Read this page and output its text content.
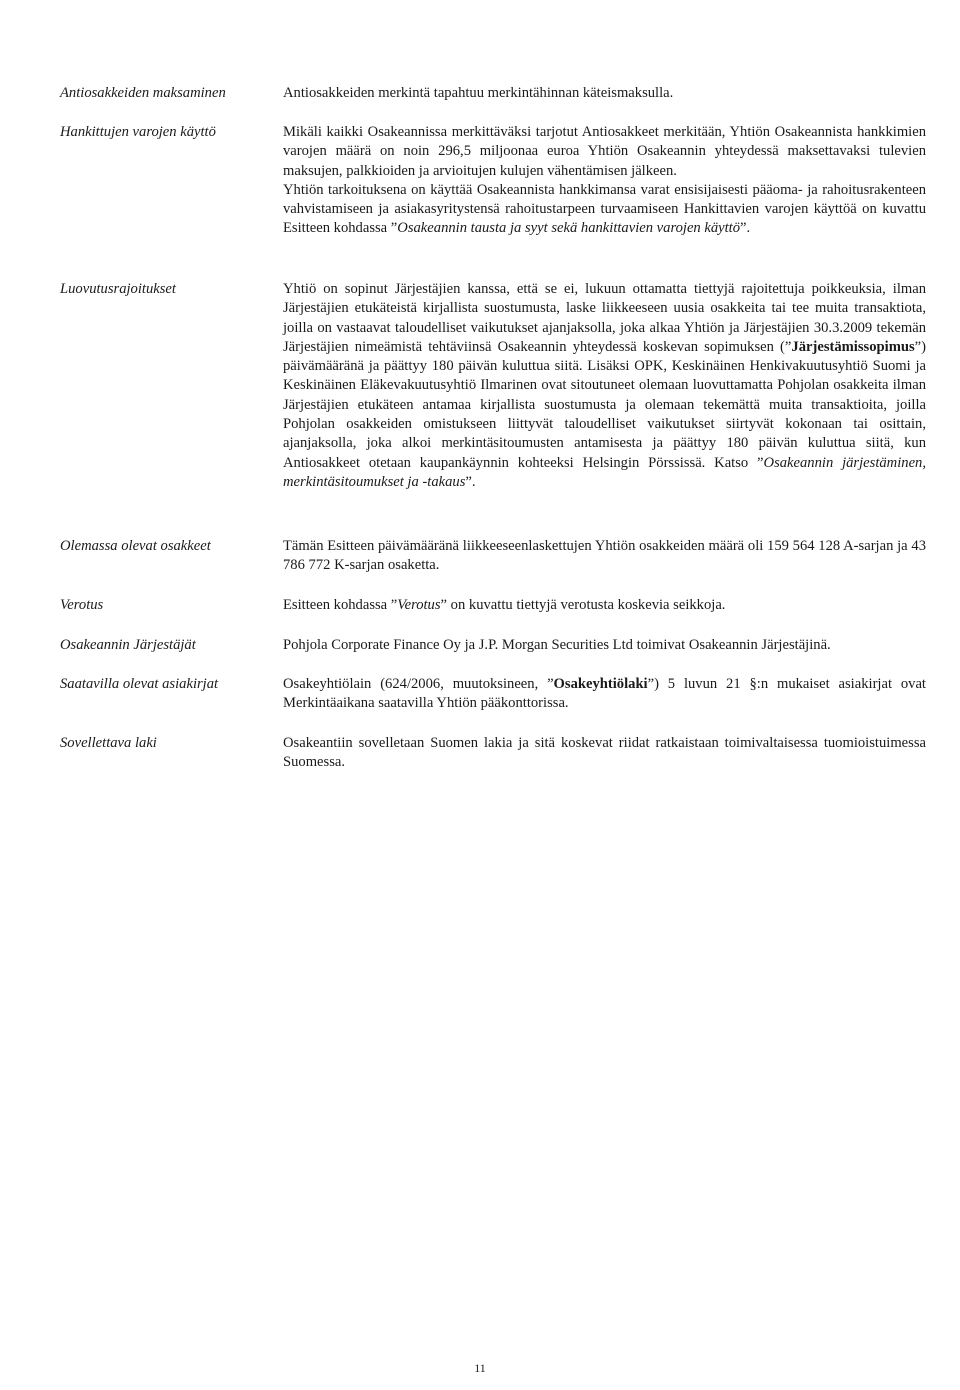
Antiosakkeiden maksaminen	Antiosakkeiden merkintä tapahtuu merkintähinnan käteismaksulla.

Hankittujen varojen käyttö	Mikäli kaikki Osakeannissa merkittäväksi tarjotut Antiosakkeet merkitään, Yhtiön Osakeannista hankkimien varojen määrä on noin 296,5 miljoonaa euroa Yhtiön Osakeannin yhteydessä maksettavaksi tulevien maksujen, palkkioiden ja arvioitujen kulujen vähentämisen jälkeen.

Yhtiön tarkoituksena on käyttää Osakeannista hankkimansa varat ensisijaisesti pääoma- ja rahoitusrakenteen vahvistamiseen ja asiakasyritystensä rahoitustarpeen turvaamiseen Hankittavien varojen käyttöä on kuvattu Esitteen kohdassa ”Osakeannin tausta ja syyt sekä hankittavien varojen käyttö”.

Luovutusrajoitukset	Yhtiö on sopinut Järjestäjien kanssa, että se ei, lukuun ottamatta tiettyjä rajoitettuja poikkeuksia, ilman Järjestäjien etukäteistä kirjallista suostumusta, laske liikkeeseen uusia osakkeita tai tee muita transaktiota, joilla on vastaavat taloudelliset vaikutukset ajanjaksolla, joka alkaa Yhtiön ja Järjestäjien 30.3.2009 tekemän Järjestäjien nimeämistä tehtäviinsä Osakeannin yhteydessä koskevan sopimuksen (”Järjestämissopimus”) päivämääränä ja päättyy 180 päivän kuluttua siitä. Lisäksi OPK, Keskinäinen Henkivakuutusyhtiö Suomi ja Keskinäinen Eläkevakuutusyhtiö Ilmarinen ovat sitoutuneet olemaan luovuttamatta Pohjolan osakkeita ilman Järjestäjien etukäteen antamaa kirjallista suostumusta ja olemaan tekemättä muita transaktioita, joilla Pohjolan osakkeiden omistukseen liittyvät taloudelliset vaikutukset siirtyvät kokonaan tai osittain, ajanjaksolla, joka alkoi merkintäsitoumusten antamisesta ja päättyy 180 päivän kuluttua siitä, kun Antiosakkeet otetaan kaupankäynnin kohteeksi Helsingin Pörssissä. Katso ”Osakeannin järjestäminen, merkintäsitoumukset ja -takaus”.

Olemassa olevat osakkeet	Tämän Esitteen päivämääränä liikkeeseenlaskettujen Yhtiön osakkeiden määrä oli 159 564 128 A-sarjan ja 43 786 772 K-sarjan osaketta.

Verotus	Esitteen kohdassa ”Verotus” on kuvattu tiettyjä verotusta koskevia seikkoja.

Osakeannin Järjestäjät	Pohjola Corporate Finance Oy ja J.P. Morgan Securities Ltd toimivat Osakeannin Järjestäjinä.

Saatavilla olevat asiakirjat	Osakeyhtiölain (624/2006, muutoksineen, ”Osakeyhtiölaki”) 5 luvun 21 §:n mukaiset asiakirjat ovat Merkintäaikana saatavilla Yhtiön pääkonttorissa.

Sovellettava laki	Osakeantiin sovelletaan Suomen lakia ja sitä koskevat riidat ratkaistaan toimivaltaisessa tuomioistuimessa Suomessa.

11
